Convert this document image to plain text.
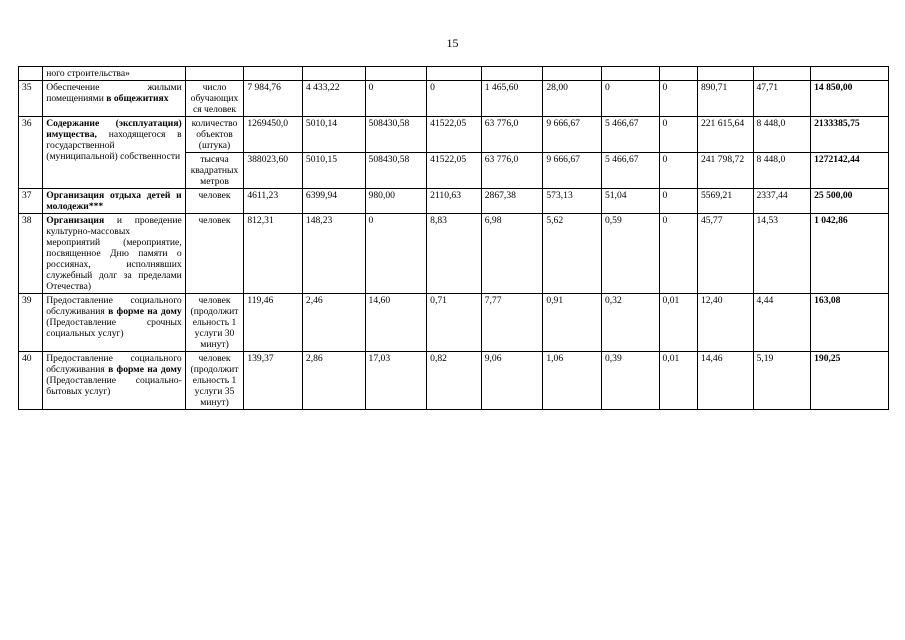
15
	ного строительства»												
35	Обеспечение жилыми помещениями в общежитиях	число обучающихся человек	7 984,76	4 433,22	0	0	1 465,60	28,00	0	0	890,71	47,71	14 850,00
36	Содержание (эксплуатация) имущества, находящегося в государственной (муниципальной) собственности	количество объектов (штука)	1269450,0	5010,14	508430,58	41522,05	63 776,0	9 666,67	5 466,67	0	221 615,64	8 448,0	2133385,75
		тысяча квадратных метров	388023,60	5010,15	508430,58	41522,05	63 776,0	9 666,67	5 466,67	0	241 798,72	8 448,0	1272142,44
37	Организация отдыха детей и молодежи***	человек	4611,23	6399,94	980,00	2110,63	2867,38	573,13	51,04	0	5569,21	2337,44	25 500,00
38	Организация и проведение культурно-массовых мероприятий (мероприятие, посвященное Дню памяти о россиянах, исполнявших служебный долг за пределами Отечества)	человек	812,31	148,23	0	8,83	6,98	5,62	0,59	0	45,77	14,53	1 042,86
39	Предоставление социального обслуживания в форме на дому (Предоставление срочных социальных услуг)	человек (продолжительность 1 услуги 30 минут)	119,46	2,46	14,60	0,71	7,77	0,91	0,32	0,01	12,40	4,44	163,08
40	Предоставление социального обслуживания в форме на дому (Предоставление социально-бытовых услуг)	человек (продолжительность 1 услуги 35 минут)	139,37	2,86	17,03	0,82	9,06	1,06	0,39	0,01	14,46	5,19	190,25
